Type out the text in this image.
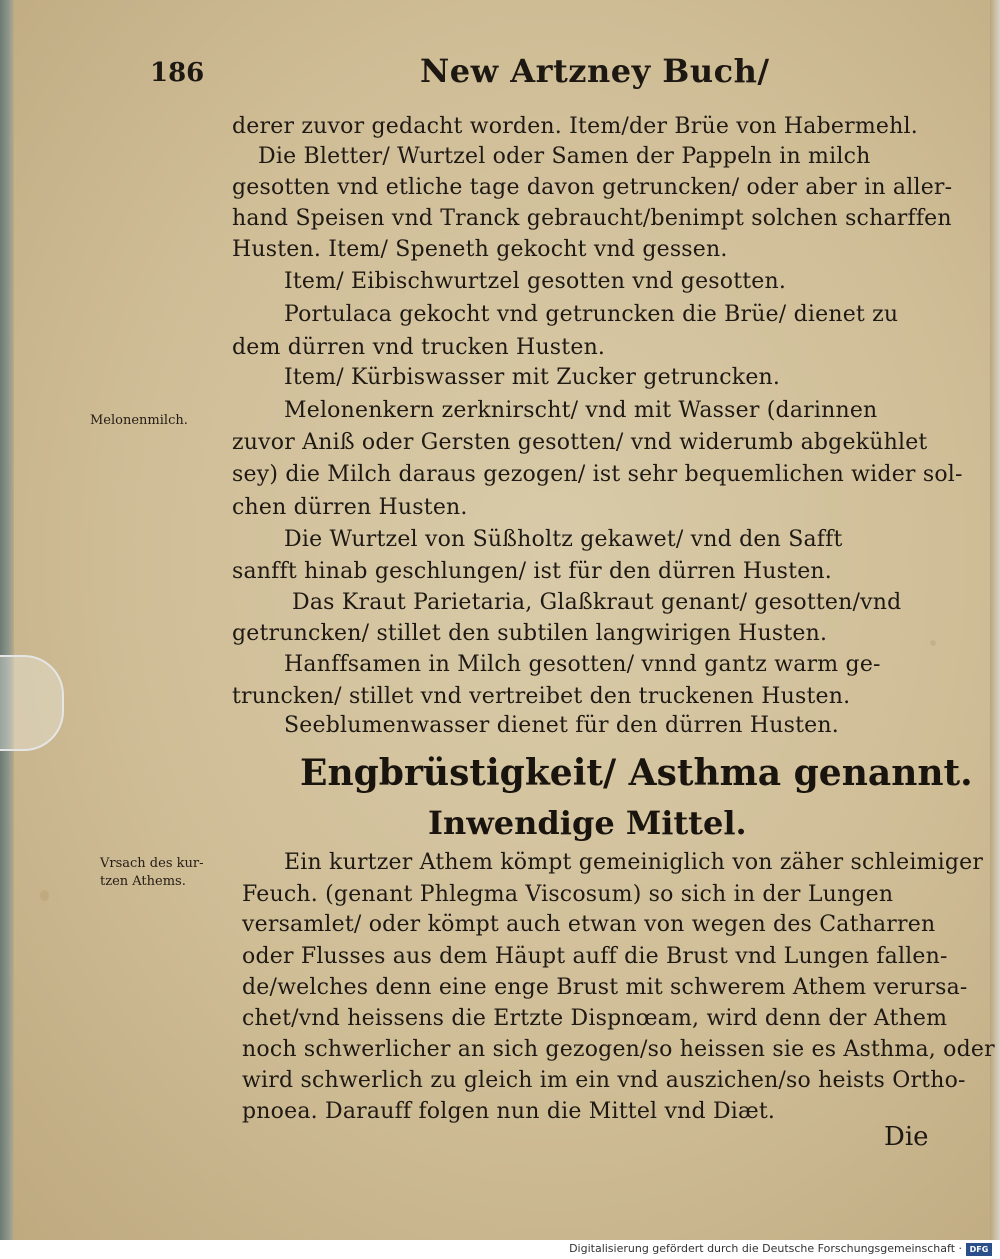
186	New Artzney Buch/

derer zuvor gedacht worden. Item/der Brüe von Habermehl.

Die Bletter/ Wurtzel oder Samen der Pappeln in milch

gesotten vnd etliche tage davon getruncken/ oder aber in aller-

hand Speisen vnd Tranck gebraucht/benimpt solchen scharffen

Husten. Item/ Speneth gekocht vnd gessen.

Item/ Eibischwurtzel gesotten vnd gesotten.

Portulaca gekocht vnd getruncken die Brüe/ dienet zu

dem dürren vnd trucken Husten.

Item/ Kürbiswasser mit Zucker getruncken.

Melonenkern zerknirscht/ vnd mit Wasser (darinnen

zuvor Aniß oder Gersten gesotten/ vnd widerumb abgekühlet

sey) die Milch daraus gezogen/ ist sehr bequemlichen wider sol-

chen dürren Husten.

Die Wurtzel von Süßholtz gekawet/ vnd den Safft

sanfft hinab geschlungen/ ist für den dürren Husten.

Das Kraut Parietaria, Glaßkraut genant/ gesotten/vnd

getruncken/ stillet den subtilen langwirigen Husten.

Hanffsamen in Milch gesotten/ vnnd gantz warm ge-

truncken/ stillet vnd vertreibet den truckenen Husten.

Seeblumenwasser dienet für den dürren Husten.

Engbrüstigkeit/ Asthma genannt.

Inwendige Mittel.

Ein kurtzer Athem kömpt gemeiniglich von zäher schleimiger

Feuch. (genant Phlegma Viscosum) so sich in der Lungen

versamlet/ oder kömpt auch etwan von wegen des Catharren

oder Flusses aus dem Häupt auff die Brust vnd Lungen fallen-

de/welches denn eine enge Brust mit schwerem Athem verursa-

chet/vnd heissens die Ertzte Dispnœam, wird denn der Athem

noch schwerlicher an sich gezogen/so heissen sie es Asthma, oder

wird schwerlich zu gleich im ein vnd auszichen/so heists Ortho-

pnoea. Darauff folgen nun die Mittel vnd Diæt.

Melonenmilch.
Vrsach des kur-
tzen Athems.
Die
Digitalisierung gefördert durch die Deutsche Forschungsgemeinschaft · DFG
